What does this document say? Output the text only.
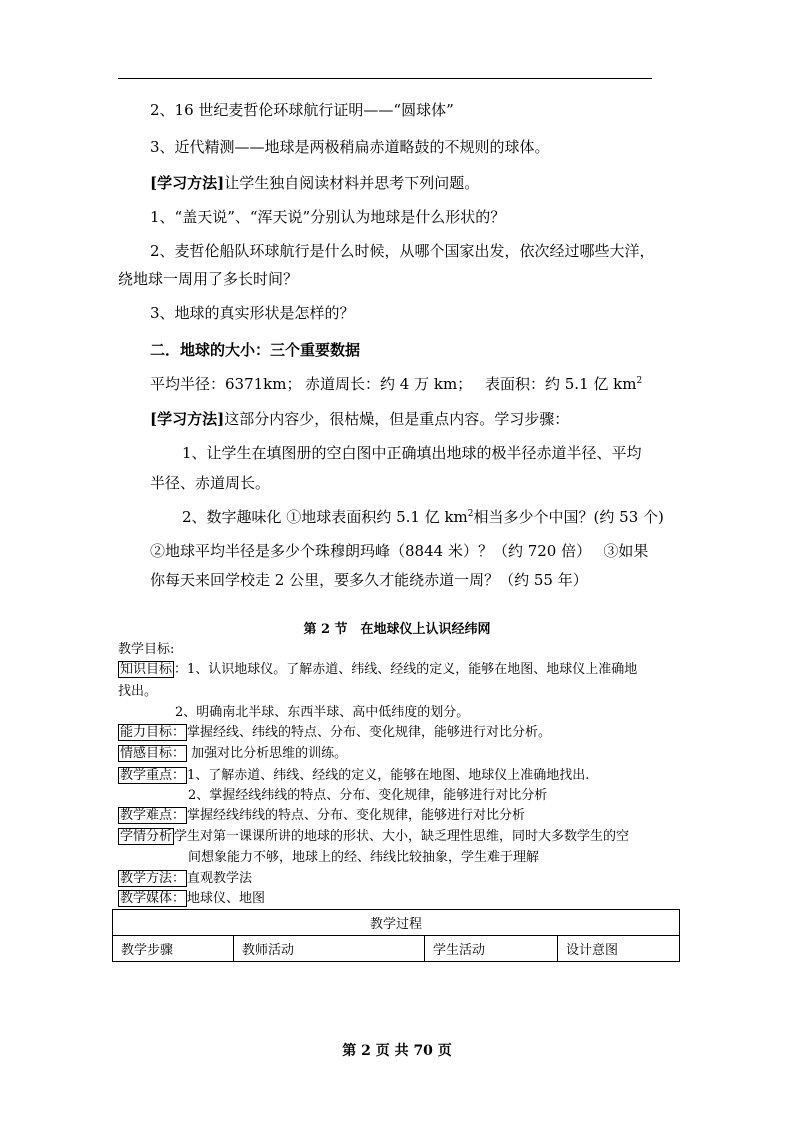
2、16 世纪麦哲伦环球航行证明——“圆球体”
3、近代精测——地球是两极稍扁赤道略鼓的不规则的球体。
[学习方法]让学生独自阅读材料并思考下列问题。
1、“盖天说”、“浑天说”分别认为地球是什么形状的？
2、麦哲伦船队环球航行是什么时候，从哪个国家出发，依次经过哪些大洋，
绕地球一周用了多长时间？
3、地球的真实形状是怎样的？
二．地球的大小：三个重要数据
平均半径：6371km； 赤道周长：约 4 万 km； 表面积：约 5.1 亿 $km^2$
[学习方法]这部分内容少，很枯燥，但是重点内容。学习步骤：
1、让学生在填图册的空白图中正确填出地球的极半径赤道半径、平均
半径、赤道周长。
2、数字趣味化 ①地球表面积约 5.1 亿 $km^2$相当多少个中国？(约 53 个)
②地球平均半径是多少个珠穆朗玛峰（8844 米）？（约 720 倍）　 ③如果
你每天来回学校走 2 公里，要多久才能绕赤道一周？（约 55 年）
第 2 节　在地球仪上认识经纬网
教学目标:
知识目标 ：1、认识地球仪。了解赤道、纬线、经线的定义，能够在地图、地球仪上准确地
找出。
2、明确南北半球、东西半球、高中低纬度的划分。
能力目标： 掌握经线、纬线的特点、分布、变化规律，能够进行对比分析。
情感目标： 加强对比分析思维的训练。
教学重点： 1、了解赤道、纬线、经线的定义，能够在地图、地球仪上准确地找出.
2、掌握经线纬线的特点、分布、变化规律，能够进行对比分析
教学难点： 掌握经线纬线的特点、分布、变化规律，能够进行对比分析
学情分析 学生对第一课课所讲的地球的形状、大小，缺乏理性思维，同时大多数学生的空
间想象能力不够，地球上的经、纬线比较抽象，学生难于理解
教学方法： 直观教学法
教学媒体： 地球仪、地图
教学过程
教学步骤	教师活动	学生活动	设计意图
第 2 页 共 70 页
